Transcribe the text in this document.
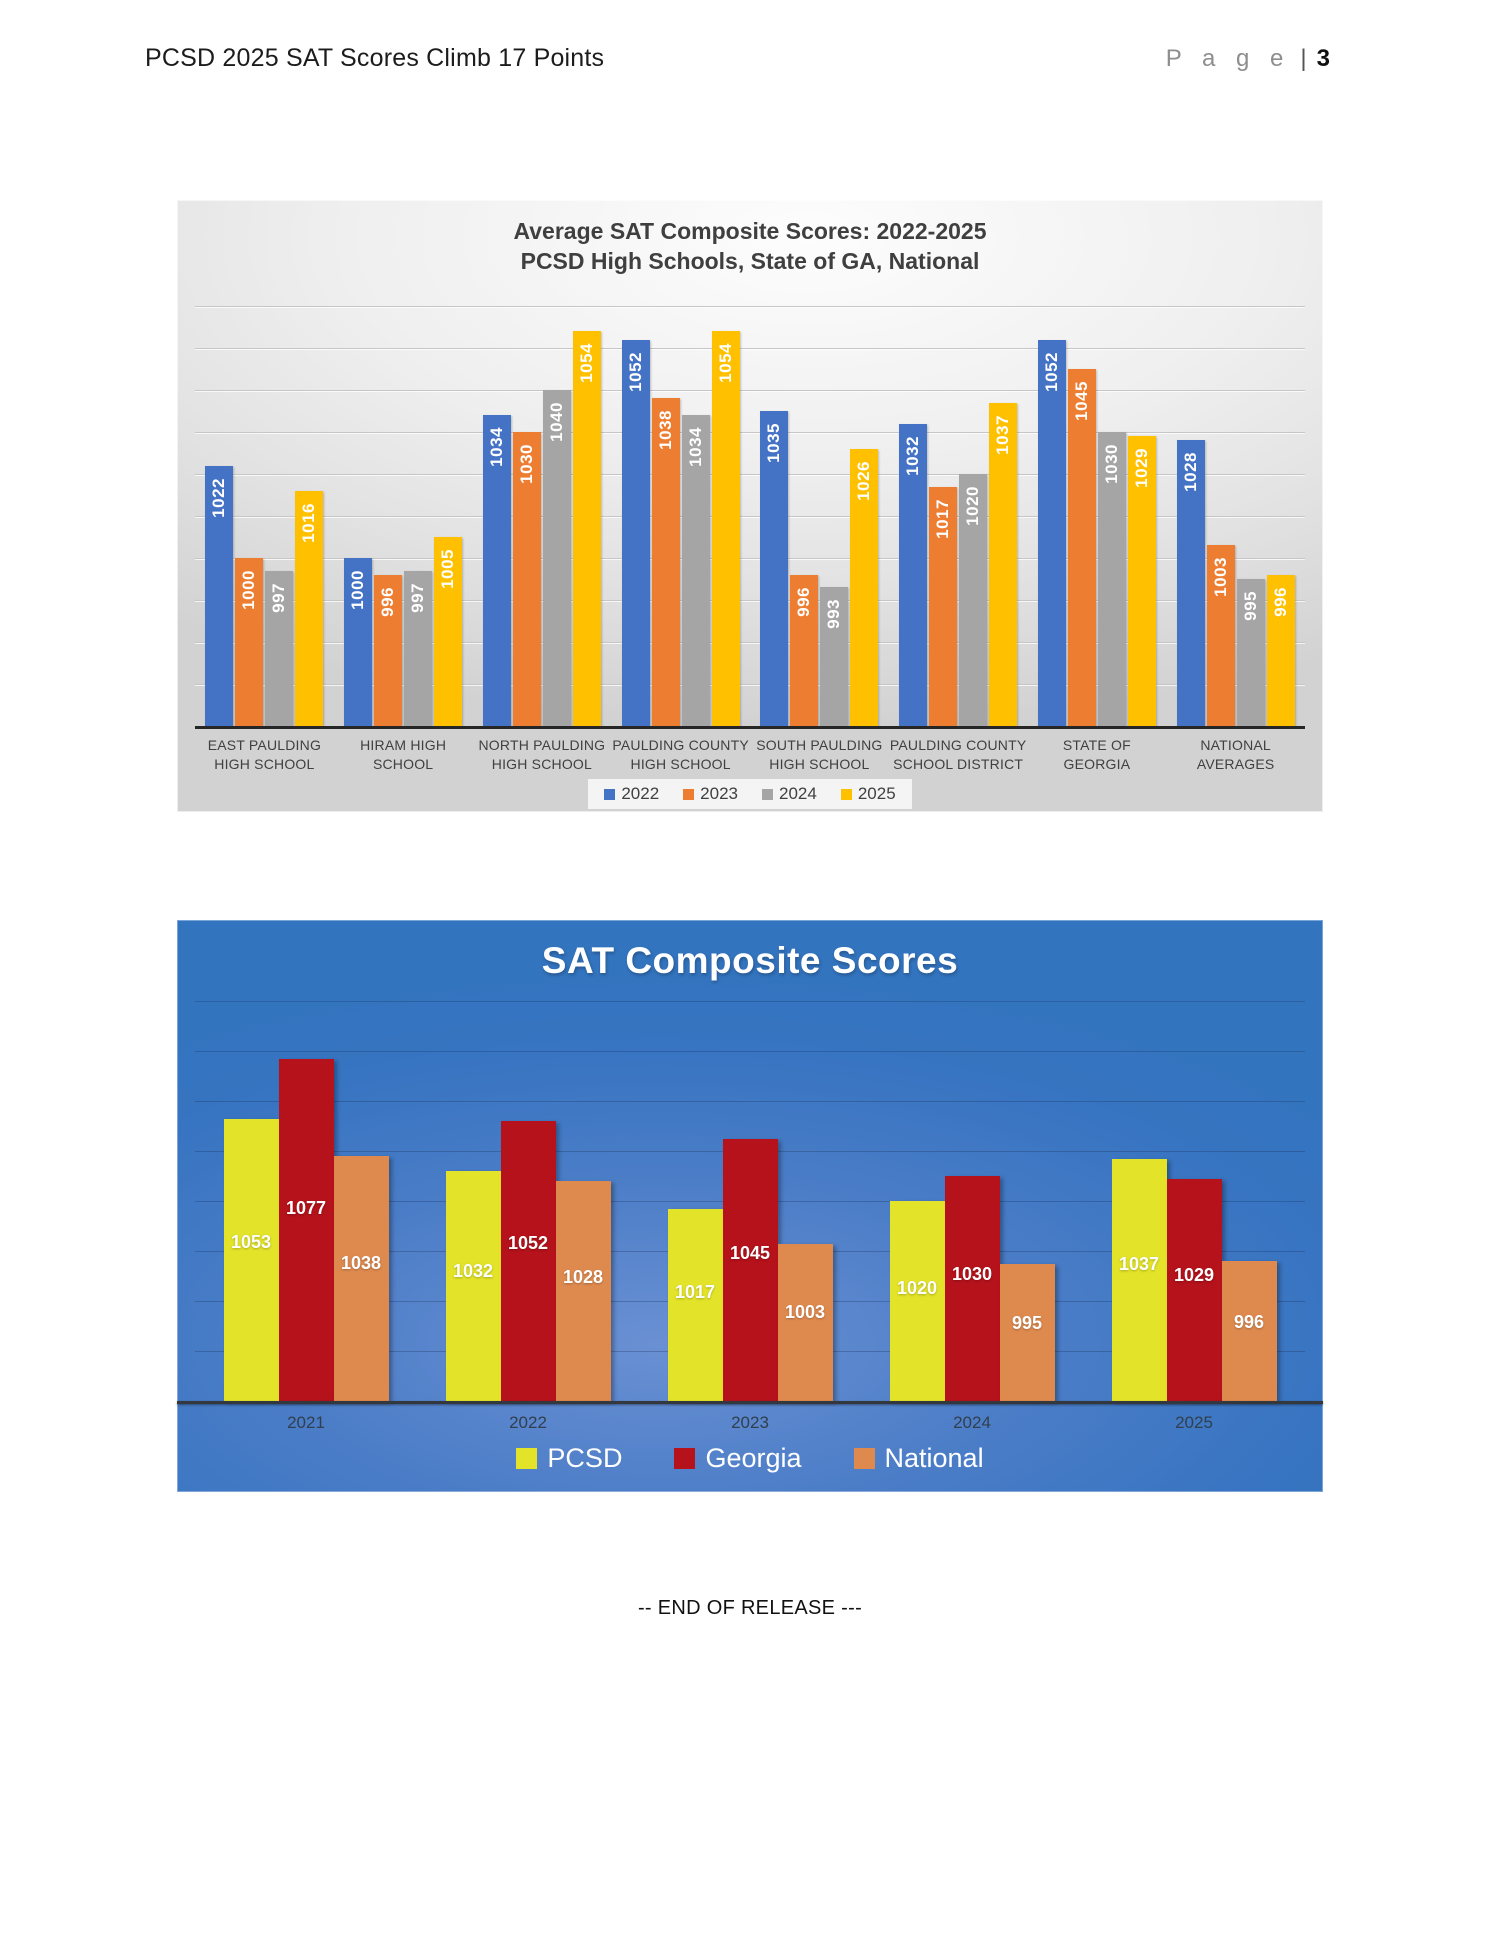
PCSD 2025 SAT Scores Climb 17 Points	P a g e | 3
Average SAT Composite Scores: 2022-2025
PCSD High Schools, State of GA, National
1022
1000 997
1016
EAST PAULDING
HIGH SCHOOL
1000 996 997
1005
HIRAM HIGH SCHOOL
1034 1030
1040
1054
NORTH PAULDING
HIGH SCHOOL
1052
1038 1034
1054
PAULDING COUNTY
HIGH SCHOOL
1035
996 993
1026
SOUTH PAULDING
HIGH SCHOOL
1032
1017 1020
1037
PAULDING COUNTY
SCHOOL DISTRICT
1052
1045
1030 1029
STATE OF GEORGIA
1028
1003
995 996
NATIONAL AVERAGES
2022 2023 2024 2025
SAT Composite Scores
1053
1077
1038
2021
1032
1052
1028
2022
1017
1045
1003
2023
1020
1030
995
2024
1037
1029
996
2025
PCSD	Georgia	National
-- END OF RELEASE ---
